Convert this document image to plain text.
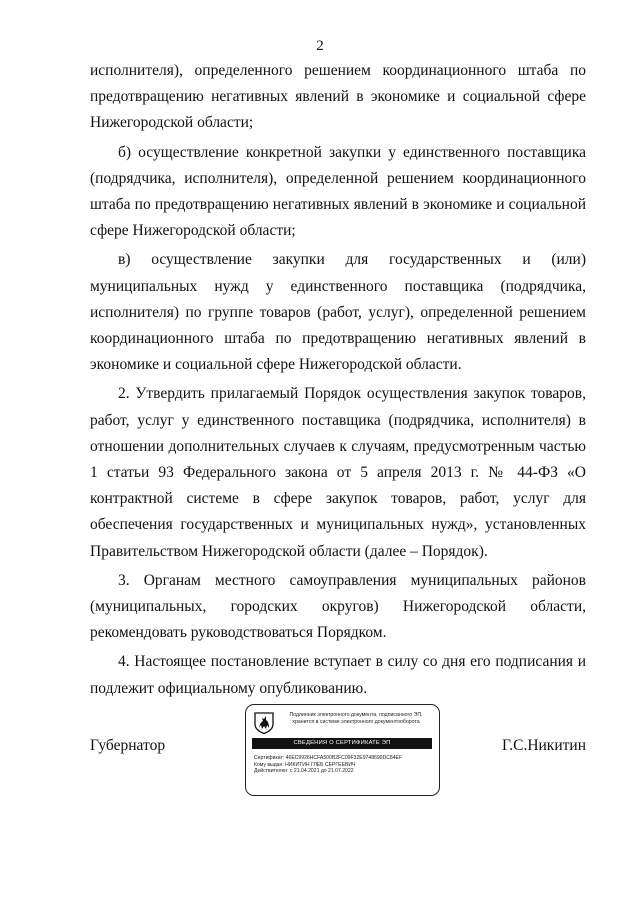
2

исполнителя), определенного решением координационного штаба по предотвращению негативных явлений в экономике и социальной сфере Нижегородской области;

б) осуществление конкретной закупки у единственного поставщика (подрядчика, исполнителя), определенной решением координационного штаба по предотвращению негативных явлений в экономике и социальной сфере Нижегородской области;

в) осуществление закупки для государственных и (или) муниципальных нужд у единственного поставщика (подрядчика, исполнителя) по группе товаров (работ, услуг), определенной решением координационного штаба по предотвращению негативных явлений в экономике и социальной сфере Нижегородской области.

2. Утвердить прилагаемый Порядок осуществления закупок товаров, работ, услуг у единственного поставщика (подрядчика, исполнителя) в отношении дополнительных случаев к случаям, предусмотренным частью 1 статьи 93 Федерального закона от 5 апреля 2013 г. № 44-ФЗ «О контрактной системе в сфере закупок товаров, работ, услуг для обеспечения государственных и муниципальных нужд», установленных Правительством Нижегородской области (далее – Порядок).

3. Органам местного самоуправления муниципальных районов (муниципальных, городских округов) Нижегородской области, рекомендовать руководствоваться Порядком.

4. Настоящее постановление вступает в силу со дня его подписания и подлежит официальному опубликованию.

Губернатор
Подлинник электронного документа, подписанного ЭП,
хранится в системе электронного документооборота
СВЕДЕНИЯ О СЕРТИФИКАТЕ ЭП
Сертификат: 46EC9926HCFA500B2FC09F32E9748690DC84EF
Кому выдан: НИКИТИН ГЛЕБ СЕРГЕЕВИЧ
Действителен: с 21.04.2021 до 21.07.2022
Г.С.Никитин
